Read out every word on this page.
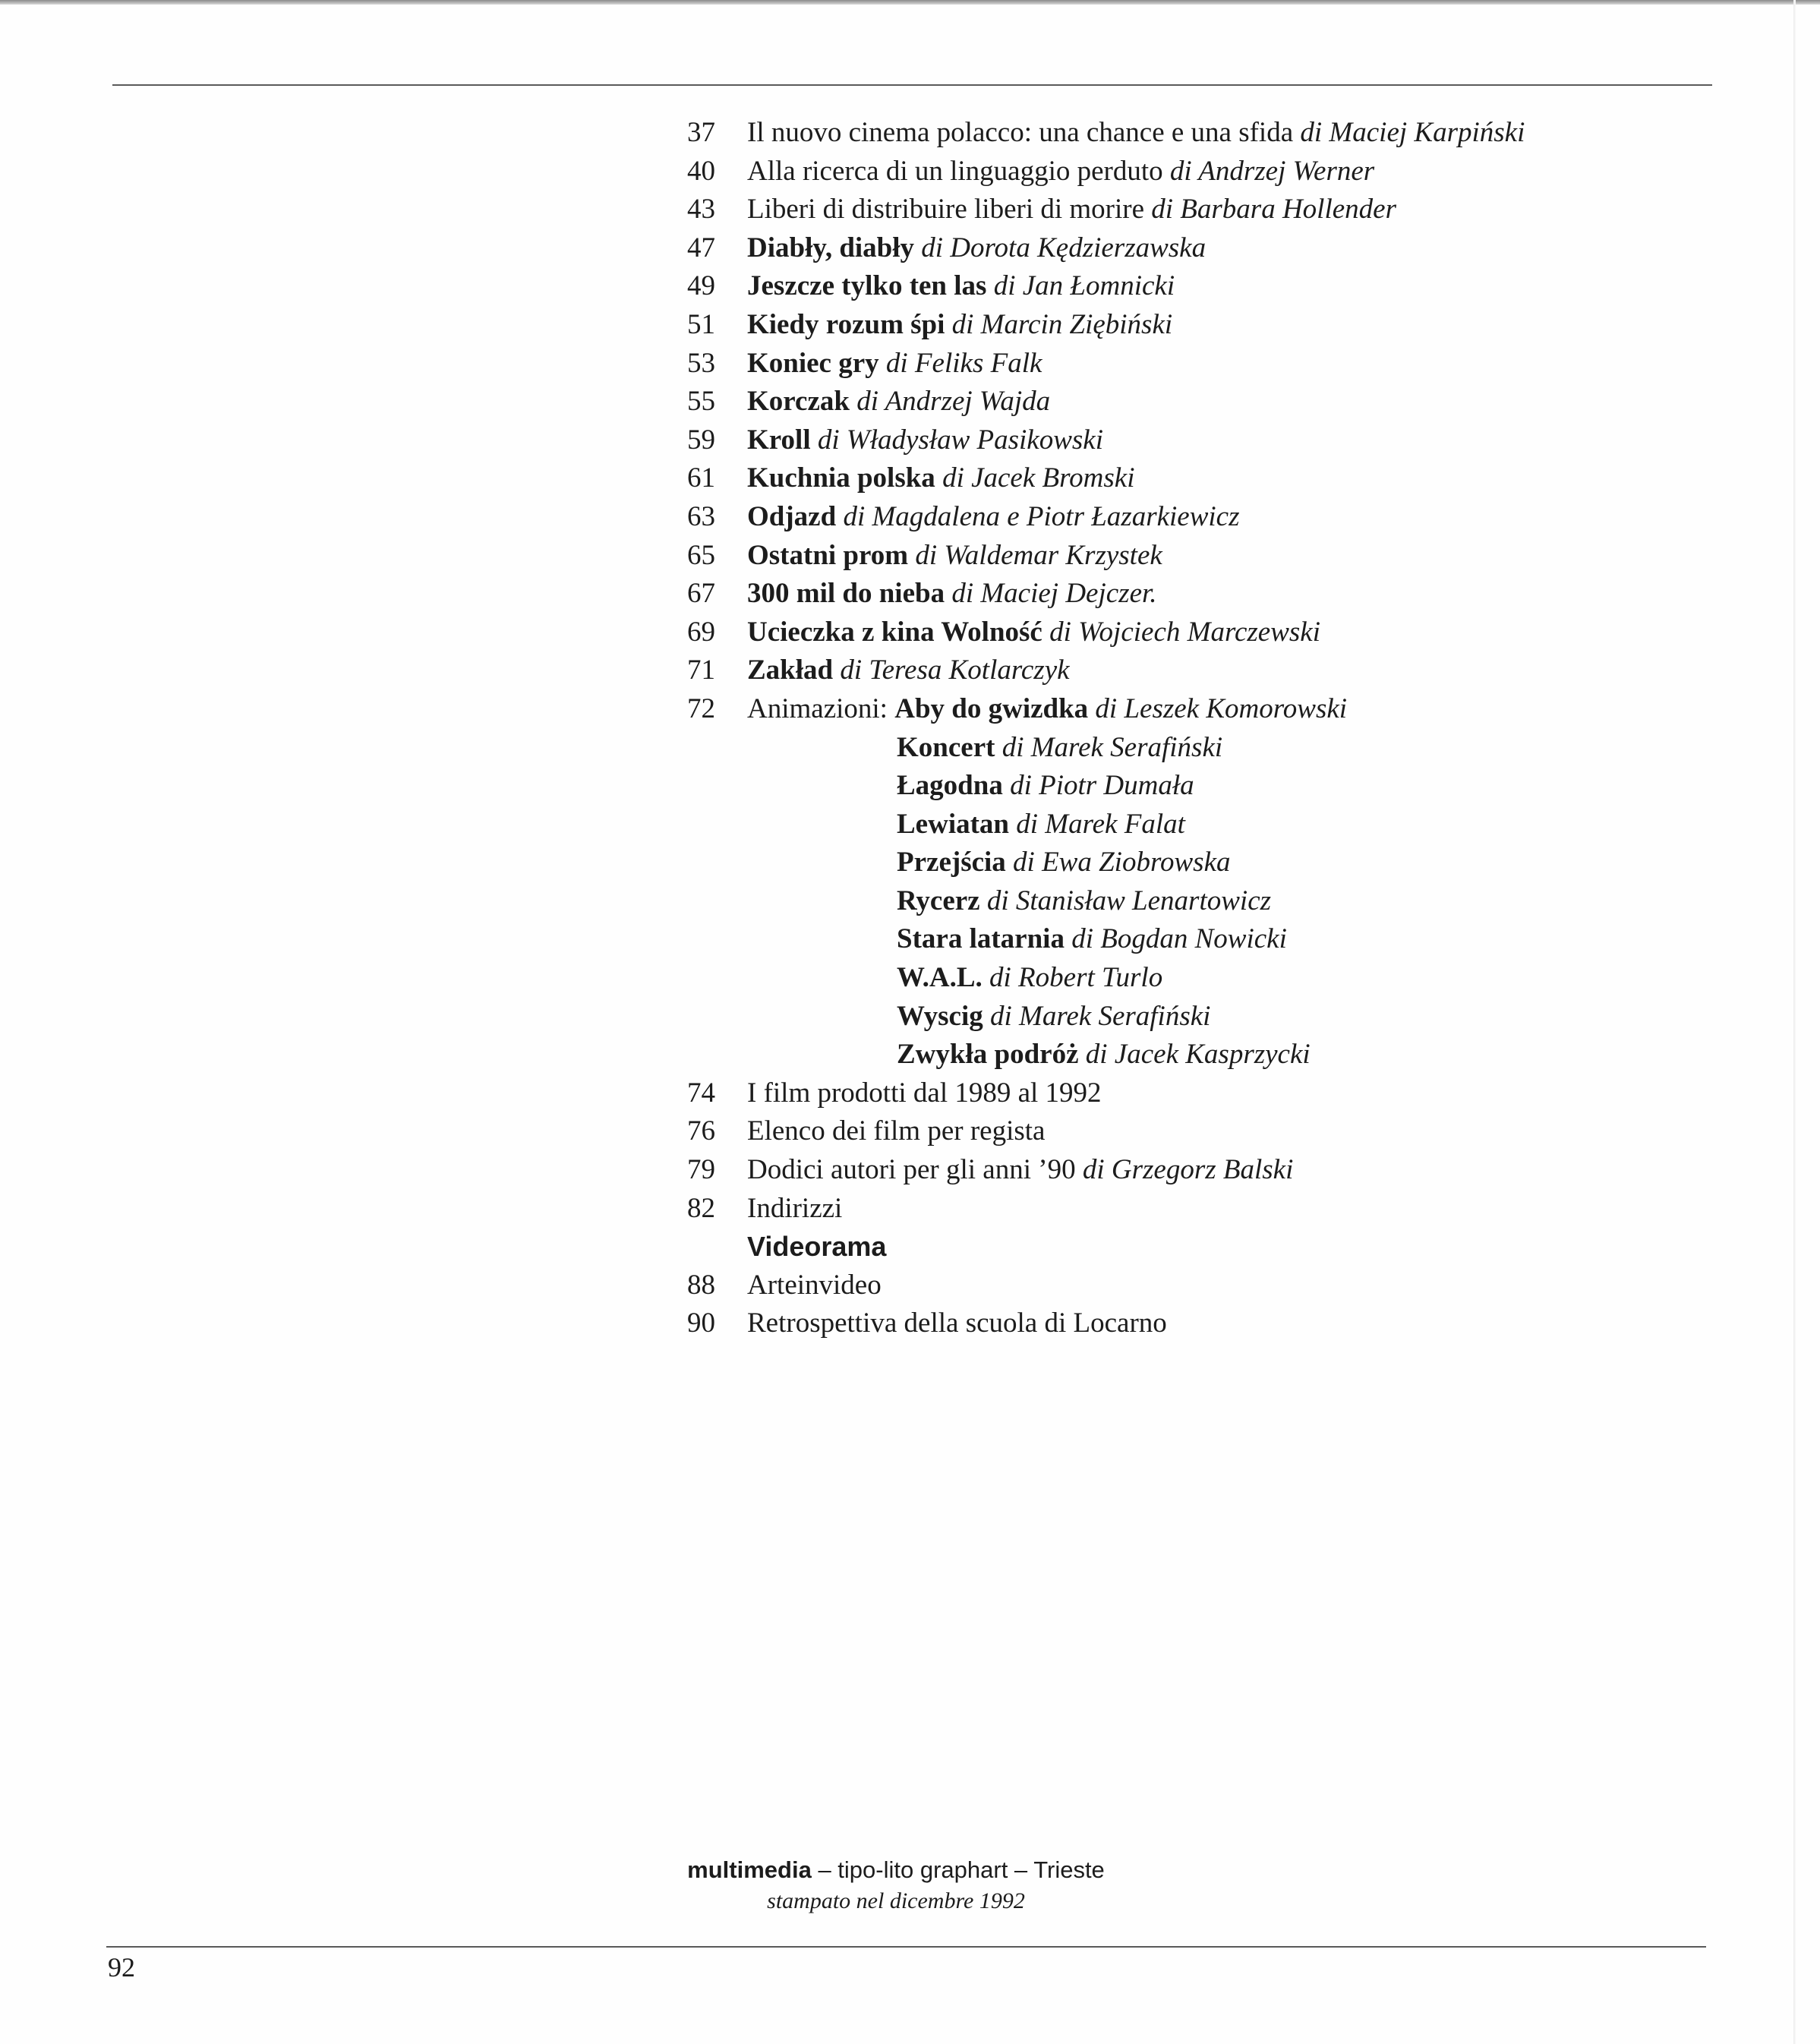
37 Il nuovo cinema polacco: una chance e una sfida di Maciej Karpiński
40 Alla ricerca di un linguaggio perduto di Andrzej Werner
43 Liberi di distribuire liberi di morire di Barbara Hollender
47 Diabły, diabły di Dorota Kędzierzawska
49 Jeszcze tylko ten las di Jan Łomnicki
51 Kiedy rozum śpi di Marcin Ziębiński
53 Koniec gry di Feliks Falk
55 Korczak di Andrzej Wajda
59 Kroll di Władysław Pasikowski
61 Kuchnia polska di Jacek Bromski
63 Odjazd di Magdalena e Piotr Łazarkiewicz
65 Ostatni prom di Waldemar Krzystek
67 300 mil do nieba di Maciej Dejczer.
69 Ucieczka z kina Wolność di Wojciech Marczewski
71 Zakład di Teresa Kotlarczyk
72 Animazioni: Aby do gwizdka di Leszek Komorowski
Koncert di Marek Serafiński
Łagodna di Piotr Dumała
Lewiatan di Marek Falat
Przejścia di Ewa Ziobrowska
Rycerz di Stanisław Lenartowicz
Stara latarnia di Bogdan Nowicki
W.A.L. di Robert Turlo
Wyscig di Marek Serafiński
Zwykła podróż di Jacek Kasprzycki
74 I film prodotti dal 1989 al 1992
76 Elenco dei film per regista
79 Dodici autori per gli anni ’90 di Grzegorz Balski
82 Indirizzi
Videorama
88 Arteinvideo
90 Retrospettiva della scuola di Locarno
multimedia – tipo-lito graphart – Trieste
stampato nel dicembre 1992
92
